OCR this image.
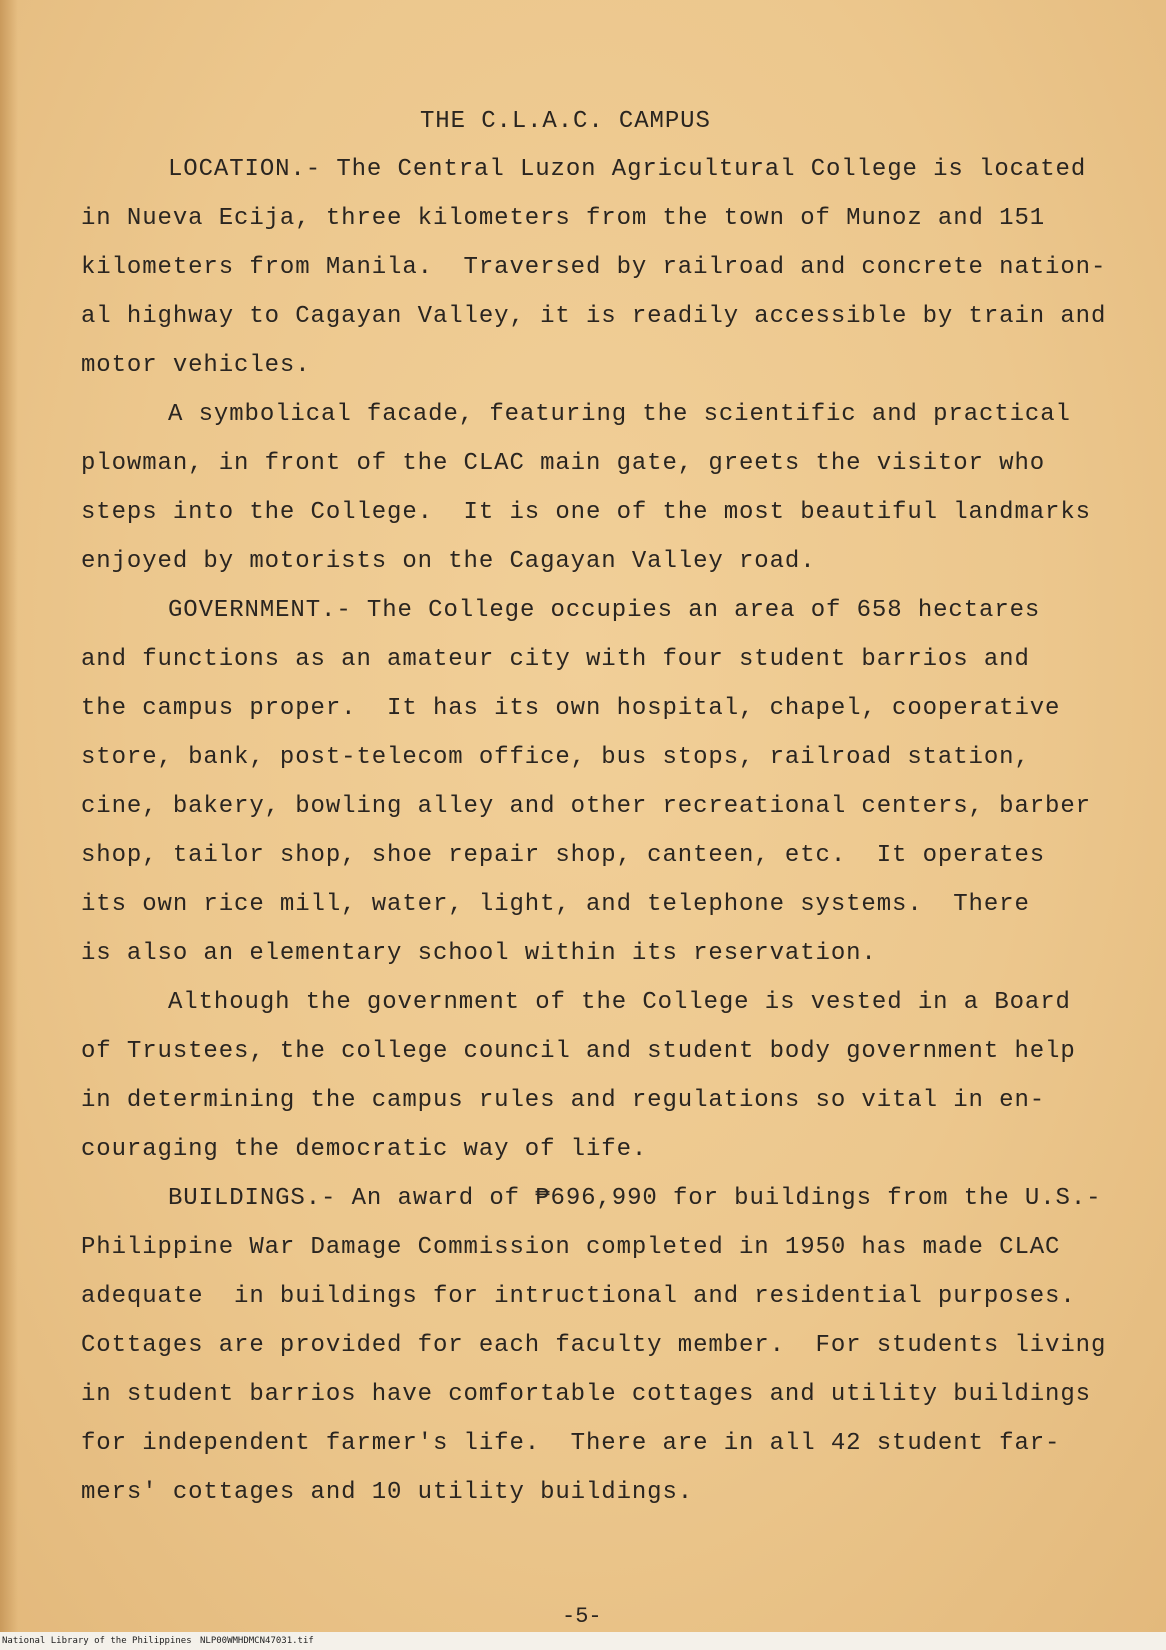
THE C.L.A.C. CAMPUS

LOCATION.- The Central Luzon Agricultural College is located

in Nueva Ecija, three kilometers from the town of Munoz and 151

kilometers from Manila.  Traversed by railroad and concrete nation-

al highway to Cagayan Valley, it is readily accessible by train and

motor vehicles.

A symbolical facade, featuring the scientific and practical

plowman, in front of the CLAC main gate, greets the visitor who

steps into the College.  It is one of the most beautiful landmarks

enjoyed by motorists on the Cagayan Valley road.

GOVERNMENT.- The College occupies an area of 658 hectares

and functions as an amateur city with four student barrios and

the campus proper.  It has its own hospital, chapel, cooperative

store, bank, post-telecom office, bus stops, railroad station,

cine, bakery, bowling alley and other recreational centers, barber

shop, tailor shop, shoe repair shop, canteen, etc.  It operates

its own rice mill, water, light, and telephone systems.  There

is also an elementary school within its reservation.

Although the government of the College is vested in a Board

of Trustees, the college council and student body government help

in determining the campus rules and regulations so vital in en-

couraging the democratic way of life.

BUILDINGS.- An award of ₱696,990 for buildings from the U.S.-

Philippine War Damage Commission completed in 1950 has made CLAC

adequate  in buildings for intructional and residential purposes.

Cottages are provided for each faculty member.  For students living

in student barrios have comfortable cottages and utility buildings

for independent farmer's life.  There are in all 42 student far-

mers' cottages and 10 utility buildings.

-5-

National Library of the Philippines NLP00WMHDMCN47031.tif
